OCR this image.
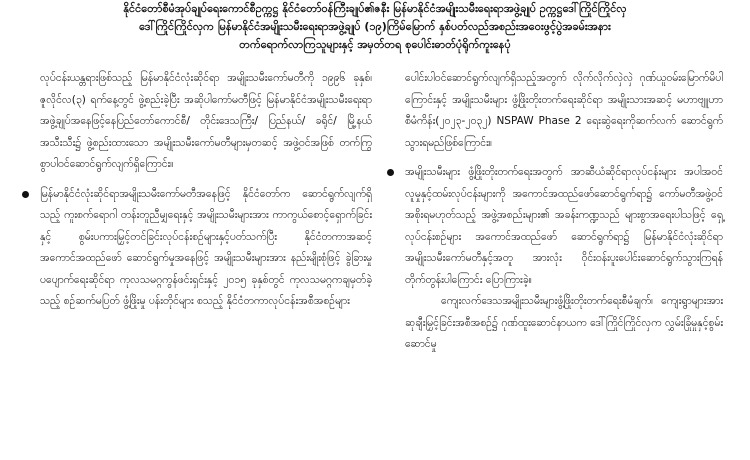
နိုင်ငံတော်စီမံအုပ်ချုပ်ရေးကောင်စီဥက္ကဋ္ဌ နိုင်ငံတော်ဝန်ကြီးချုပ်၏ဇနီး မြန်မာနိုင်ငံအမျိုးသမီးရေးရာအဖွဲ့ချုပ် ဥက္ကဋ္ဌဒေါ်ကြိုင်ကြိုင်လှ
ဒေါ်ကြိုင်ကြိုင်လှက မြန်မာနိုင်ငံအမျိုးသမီးရေးရာအဖွဲ့ချုပ် (၁၉)ကြိမ်မြောက် နှစ်ပတ်လည်အစည်းအဝေးဖွင့်ပွဲအခမ်းအနား
တက်ရောက်လာကြသူများနှင့် အမှတ်တရ စုပေါင်းဓာတ်ပုံရိုက်ကူးနေပုံ

လုပ်ငန်းယန္တရားဖြစ်သည့် မြန်မာနိုင်ငံလုံးဆိုင်ရာ အမျိုးသမီးကော်မတီကို ၁၉၉၆ ခုနှစ်၊ ဇူလိုင်လ(၃) ရက်နေ့တွင် ဖွဲ့စည်းခဲ့ပြီး အဆိုပါကော်မတီဖြင့် မြန်မာနိုင်ငံအမျိုးသမီးရေးရာအဖွဲ့ချုပ်အနေဖြင့်နေပြည်တော်ကောင်စီ/ တိုင်းဒေသကြီး/ ပြည်နယ်/ ခရိုင်/ မြို့နယ်အသီးသီး၌ ဖွဲ့စည်းထားသော အမျိုးသမီးကော်မတီများမှတဆင့် အဖွဲ့ဝင်အဖြစ် တက်ကြွစွာပါဝင်ဆောင်ရွက်လျက်ရှိကြောင်း။

မြန်မာနိုင်ငံလုံးဆိုင်ရာအမျိုးသမီးကော်မတီအနေဖြင့် နိုင်ငံတော်က ဆောင်ရွက်လျက်ရှိသည့် ကူးစက်ရောဂါ တန်းတူညီမျှရေးနှင့် အမျိုးသမီးများအား ကာကွယ်စောင့်ရှောက်ခြင်းနှင့် စွမ်းပကားမြှင့်တင်ခြင်းလုပ်ငန်းစဉ်များနှင့်ပတ်သက်ပြီး နိုင်ငံတကာအဆင့်အကောင်အထည်ဖော် ဆောင်ရွက်မှုအနေဖြင့် အမျိုးသမီးများအား နည်းမျိုးစုံဖြင့် ခွဲခြားမှု ပပျောက်ရေးဆိုင်ရာ ကုလသမဂ္ဂကွန်ဖင်းရှင်းနှင့် ၂၀၁၅ ခုနှစ်တွင် ကုလသမဂ္ဂကချမှတ်ခဲ့သည့် စဉ်ဆက်မပြတ် ဖွံ့ဖြိုးမှု ပန်းတိုင်များ စသည့် နိုင်ငံတကာလုပ်ငန်းအစီအစဉ်များ

ပေါင်းပါဝင်ဆောင်ရွက်လျက်ရှိသည့်အတွက် လိုက်လိုက်လှဲလှဲ ဂုဏ်ယူဝမ်းမြောက်မိပါကြောင်းနှင့် အမျိုးသမီးများ ဖွံ့ဖြိုးတိုးတက်ရေးဆိုင်ရာ အမျိုးသားအဆင့် မဟာဗျူဟာစီမံကိန်း(၂၀၂၃-၂၀၃၂) NSPAW Phase 2 ရေးဆွဲရေးကိုဆက်လက် ဆောင်ရွက်သွားရမည်ဖြစ်ကြောင်း။

အမျိုးသမီးများ ဖွံ့ဖြိုးတိုးတက်ရေးအတွက် အာဆီယံဆိုင်ရာလုပ်ငန်းများ အပါအဝင် လူမှုနှင့်ထမ်းလုပ်ငန်းများကို အကောင်အထည်ဖော်ဆောင်ရွက်ရာ၌ ကော်မတီအဖွဲ့ဝင်အစိုးရမဟုတ်သည့် အဖွဲ့အစည်းများ၏ အခန်းကဏ္ဍသည် များစွာအရေးပါသဖြင့် ရှေ့လုပ်ငန်းစဉ်များ အကောင်အထည်ဖော် ဆောင်ရွက်ရာ၌ မြန်မာနိုင်ငံလုံးဆိုင်ရာ အမျိုးသမီးကော်မတီနှင့်အတူ အားလုံး ဝိုင်းဝန်းပူးပေါင်းဆောင်ရွက်သွားကြရန် တိုက်တွန်းပါကြောင်း ပြောကြားခဲ့။

ကျေးလက်ဒေသအမျိုးသမီးများဖွံ့ဖြိုးတိုးတက်ရေးစီမံချက်၊ ကျေးရွာများအား ဆုချီးမြှင့်ခြင်းအစီအစဉ်၌ ဂုဏ်ထူးဆောင်နာယက ဒေါ်ကြိုင်ကြိုင်လှက လွှမ်းခြုံမှုနှင့်စွမ်းဆောင်မှု
